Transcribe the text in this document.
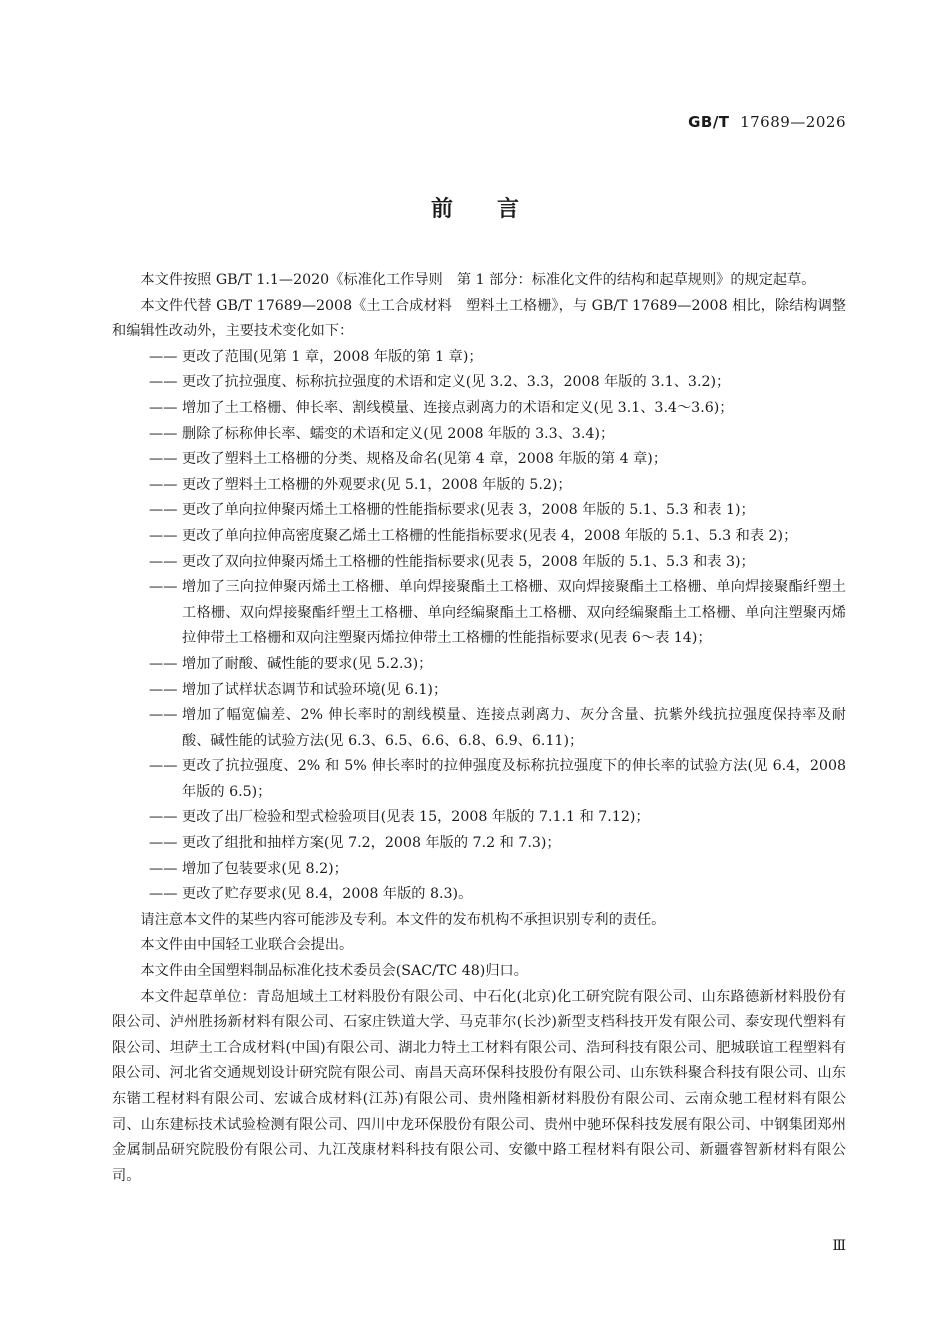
GB/T 17689—2026
前 言

本文件按照 GB/T 1.1—2020《标准化工作导则　第 1 部分：标准化文件的结构和起草规则》的规定起草。

本文件代替 GB/T 17689—2008《土工合成材料　塑料土工格栅》，与 GB/T 17689—2008 相比，除结构调整和编辑性改动外，主要技术变化如下：

—— 更改了范围(见第 1 章，2008 年版的第 1 章)；
—— 更改了抗拉强度、标称抗拉强度的术语和定义(见 3.2、3.3，2008 年版的 3.1、3.2)；
—— 增加了土工格栅、伸长率、割线模量、连接点剥离力的术语和定义(见 3.1、3.4～3.6)；
—— 删除了标称伸长率、蠕变的术语和定义(见 2008 年版的 3.3、3.4)；
—— 更改了塑料土工格栅的分类、规格及命名(见第 4 章，2008 年版的第 4 章)；
—— 更改了塑料土工格栅的外观要求(见 5.1，2008 年版的 5.2)；
—— 更改了单向拉伸聚丙烯土工格栅的性能指标要求(见表 3，2008 年版的 5.1、5.3 和表 1)；
—— 更改了单向拉伸高密度聚乙烯土工格栅的性能指标要求(见表 4，2008 年版的 5.1、5.3 和表 2)；
—— 更改了双向拉伸聚丙烯土工格栅的性能指标要求(见表 5，2008 年版的 5.1、5.3 和表 3)；
—— 增加了三向拉伸聚丙烯土工格栅、单向焊接聚酯土工格栅、双向焊接聚酯土工格栅、单向焊接聚酯纤塑土工格栅、双向焊接聚酯纤塑土工格栅、单向经编聚酯土工格栅、双向经编聚酯土工格栅、单向注塑聚丙烯拉伸带土工格栅和双向注塑聚丙烯拉伸带土工格栅的性能指标要求(见表 6～表 14)；
—— 增加了耐酸、碱性能的要求(见 5.2.3)；
—— 增加了试样状态调节和试验环境(见 6.1)；
—— 增加了幅宽偏差、2% 伸长率时的割线模量、连接点剥离力、灰分含量、抗紫外线抗拉强度保持率及耐酸、碱性能的试验方法(见 6.3、6.5、6.6、6.8、6.9、6.11)；
—— 更改了抗拉强度、2% 和 5% 伸长率时的拉伸强度及标称抗拉强度下的伸长率的试验方法(见 6.4，2008 年版的 6.5)；
—— 更改了出厂检验和型式检验项目(见表 15，2008 年版的 7.1.1 和 7.12)；
—— 更改了组批和抽样方案(见 7.2，2008 年版的 7.2 和 7.3)；
—— 增加了包装要求(见 8.2)；
—— 更改了贮存要求(见 8.4，2008 年版的 8.3)。

请注意本文件的某些内容可能涉及专利。本文件的发布机构不承担识别专利的责任。

本文件由中国轻工业联合会提出。

本文件由全国塑料制品标准化技术委员会(SAC/TC 48)归口。

本文件起草单位：青岛旭域土工材料股份有限公司、中石化(北京)化工研究院有限公司、山东路德新材料股份有限公司、泸州胜扬新材料有限公司、石家庄铁道大学、马克菲尔(长沙)新型支档科技开发有限公司、泰安现代塑料有限公司、坦萨土工合成材料(中国)有限公司、湖北力特土工材料有限公司、浩珂科技有限公司、肥城联谊工程塑料有限公司、河北省交通规划设计研究院有限公司、南昌天高环保科技股份有限公司、山东铁科聚合科技有限公司、山东东锴工程材料有限公司、宏诚合成材料(江苏)有限公司、贵州隆相新材料股份有限公司、云南众驰工程材料有限公司、山东建标技术试验检测有限公司、四川中龙环保股份有限公司、贵州中驰环保科技发展有限公司、中钢集团郑州金属制品研究院股份有限公司、九江茂康材料科技有限公司、安徽中路工程材料有限公司、新疆睿智新材料有限公司。

Ⅲ
